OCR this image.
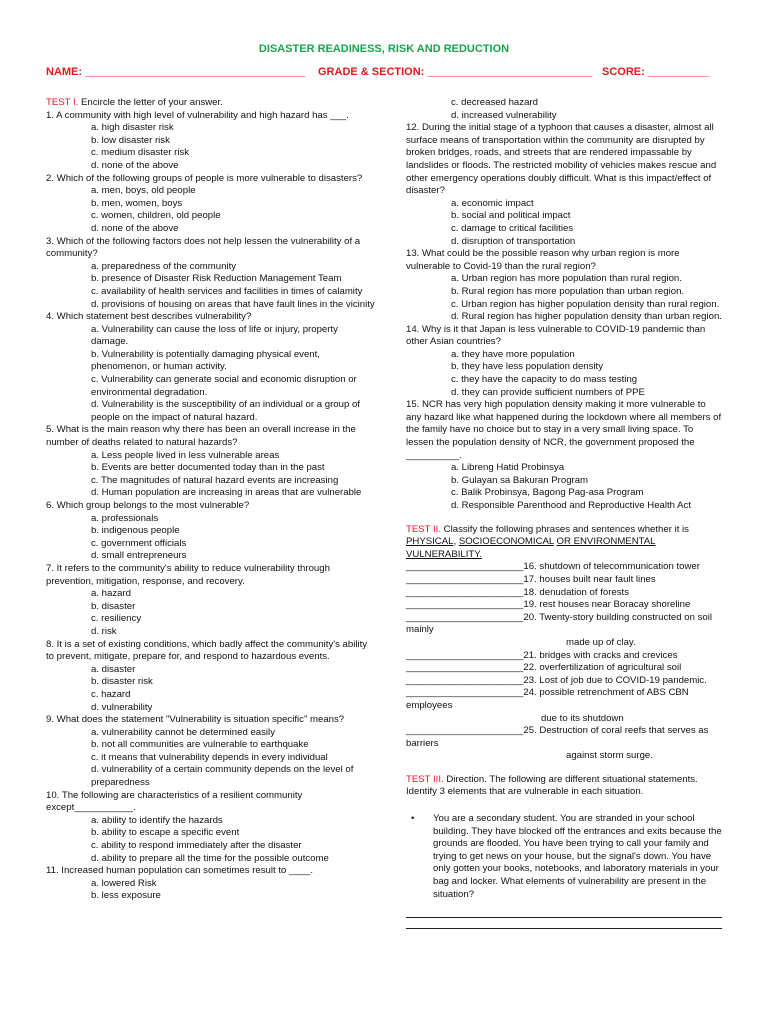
DISASTER READINESS, RISK AND REDUCTION
NAME: ____________________________________ GRADE & SECTION: ___________________________ SCORE: __________

TEST I. Encircle the letter of your answer.

1. A community with high level of vulnerability and high hazard has ___.

a. high disaster risk

b. low disaster risk

c. medium disaster risk

d. none of the above

2. Which of the following groups of people is more vulnerable to disasters?

a. men, boys, old people

b. men, women, boys

c. women, children, old people

d. none of the above

3. Which of the following factors does not help lessen the vulnerability of a community?

a. preparedness of the community

b. presence of Disaster Risk Reduction Management Team

c. availability of health services and facilities in times of calamity

d. provisions of housing on areas that have fault lines in the vicinity

4. Which statement best describes vulnerability?

a. Vulnerability can cause the loss of life or injury, property damage.

b. Vulnerability is potentially damaging physical event, phenomenon, or human activity.

c. Vulnerability can generate social and economic disruption or environmental degradation.

d. Vulnerability is the susceptibility of an individual or a group of people on the impact of natural hazard.

5. What is the main reason why there has been an overall increase in the number of deaths related to natural hazards?

a. Less people lived in less vulnerable areas

b. Events are better documented today than in the past

c. The magnitudes of natural hazard events are increasing

d. Human population are increasing in areas that are vulnerable

6. Which group belongs to the most vulnerable?

a. professionals

b. indigenous people

c. government officials

d. small entrepreneurs

7. It refers to the community's ability to reduce vulnerability through prevention, mitigation, response, and recovery.

a. hazard

b. disaster

c. resiliency

d. risk

8. It is a set of existing conditions, which badly affect the community's ability to prevent, mitigate, prepare for, and respond to hazardous events.

a. disaster

b. disaster risk

c. hazard

d. vulnerability

9. What does the statement "Vulnerability is situation specific" means?

a. vulnerability cannot be determined easily

b. not all communities are vulnerable to earthquake

c. it means that vulnerability depends in every individual

d. vulnerability of a certain community depends on the level of preparedness

10. The following are characteristics of a resilient community except___________.

a. ability to identify the hazards

b. ability to escape a specific event

c. ability to respond immediately after the disaster

d. ability to prepare all the time for the possible outcome

11. Increased human population can sometimes result to ____.

a. lowered Risk

b. less exposure

c. decreased hazard

d. increased vulnerability

12. During the initial stage of a typhoon that causes a disaster, almost all surface means of transportation within the community are disrupted by broken bridges, roads, and streets that are rendered impassable by landslides or floods. The restricted mobility of vehicles makes rescue and other emergency operations doubly difficult. What is this impact/effect of disaster?

a. economic impact

b. social and political impact

c. damage to critical facilities

d. disruption of transportation

13. What could be the possible reason why urban region is more vulnerable to Covid-19 than the rural region?

a. Urban region has more population than rural region.

b. Rural region has more population than urban region.

c. Urban region has higher population density than rural region.

d. Rural region has higher population density than urban region.

14. Why is it that Japan is less vulnerable to COVID-19 pandemic than other Asian countries?

a. they have more population

b. they have less population density

c. they have the capacity to do mass testing

d. they can provide sufficient numbers of PPE

15. NCR has very high population density making it more vulnerable to any hazard like what happened during the lockdown where all members of the family have no choice but to stay in a very small living space. To lessen the population density of NCR, the government proposed the __________.

a. Libreng Hatid Probinsya

b. Gulayan sa Bakuran Program

c. Balik Probinsya, Bagong Pag-asa Program

d. Responsible Parenthood and Reproductive Health Act

TEST II. Classify the following phrases and sentences whether it is PHYSICAL, SOCIOECONOMICAL OR ENVIRONMENTAL VULNERABILITY.

______________________16. shutdown of telecommunication tower

______________________17. houses built near fault lines

______________________18. denudation of forests

______________________19. rest houses near Boracay shoreline

______________________20. Twenty-story building constructed on soil

mainly

made up of clay.

______________________21. bridges with cracks and crevices

______________________22. overfertilization of agricultural soil

______________________23. Lost of job due to COVID-19 pandemic.

______________________24. possible retrenchment of ABS CBN

employees

due to its shutdown

______________________25. Destruction of coral reefs that serves as

barriers

against storm surge.

TEST III. Direction. The following are different situational statements. Identify 3 elements that are vulnerable in each situation.

• You are a secondary student. You are stranded in your school building. They have blocked off the entrances and exits because the grounds are flooded. You have been trying to call your family and trying to get news on your house, but the signal's down. You have only gotten your books, notebooks, and laboratory materials in your bag and locker. What elements of vulnerability are present in the situation?
